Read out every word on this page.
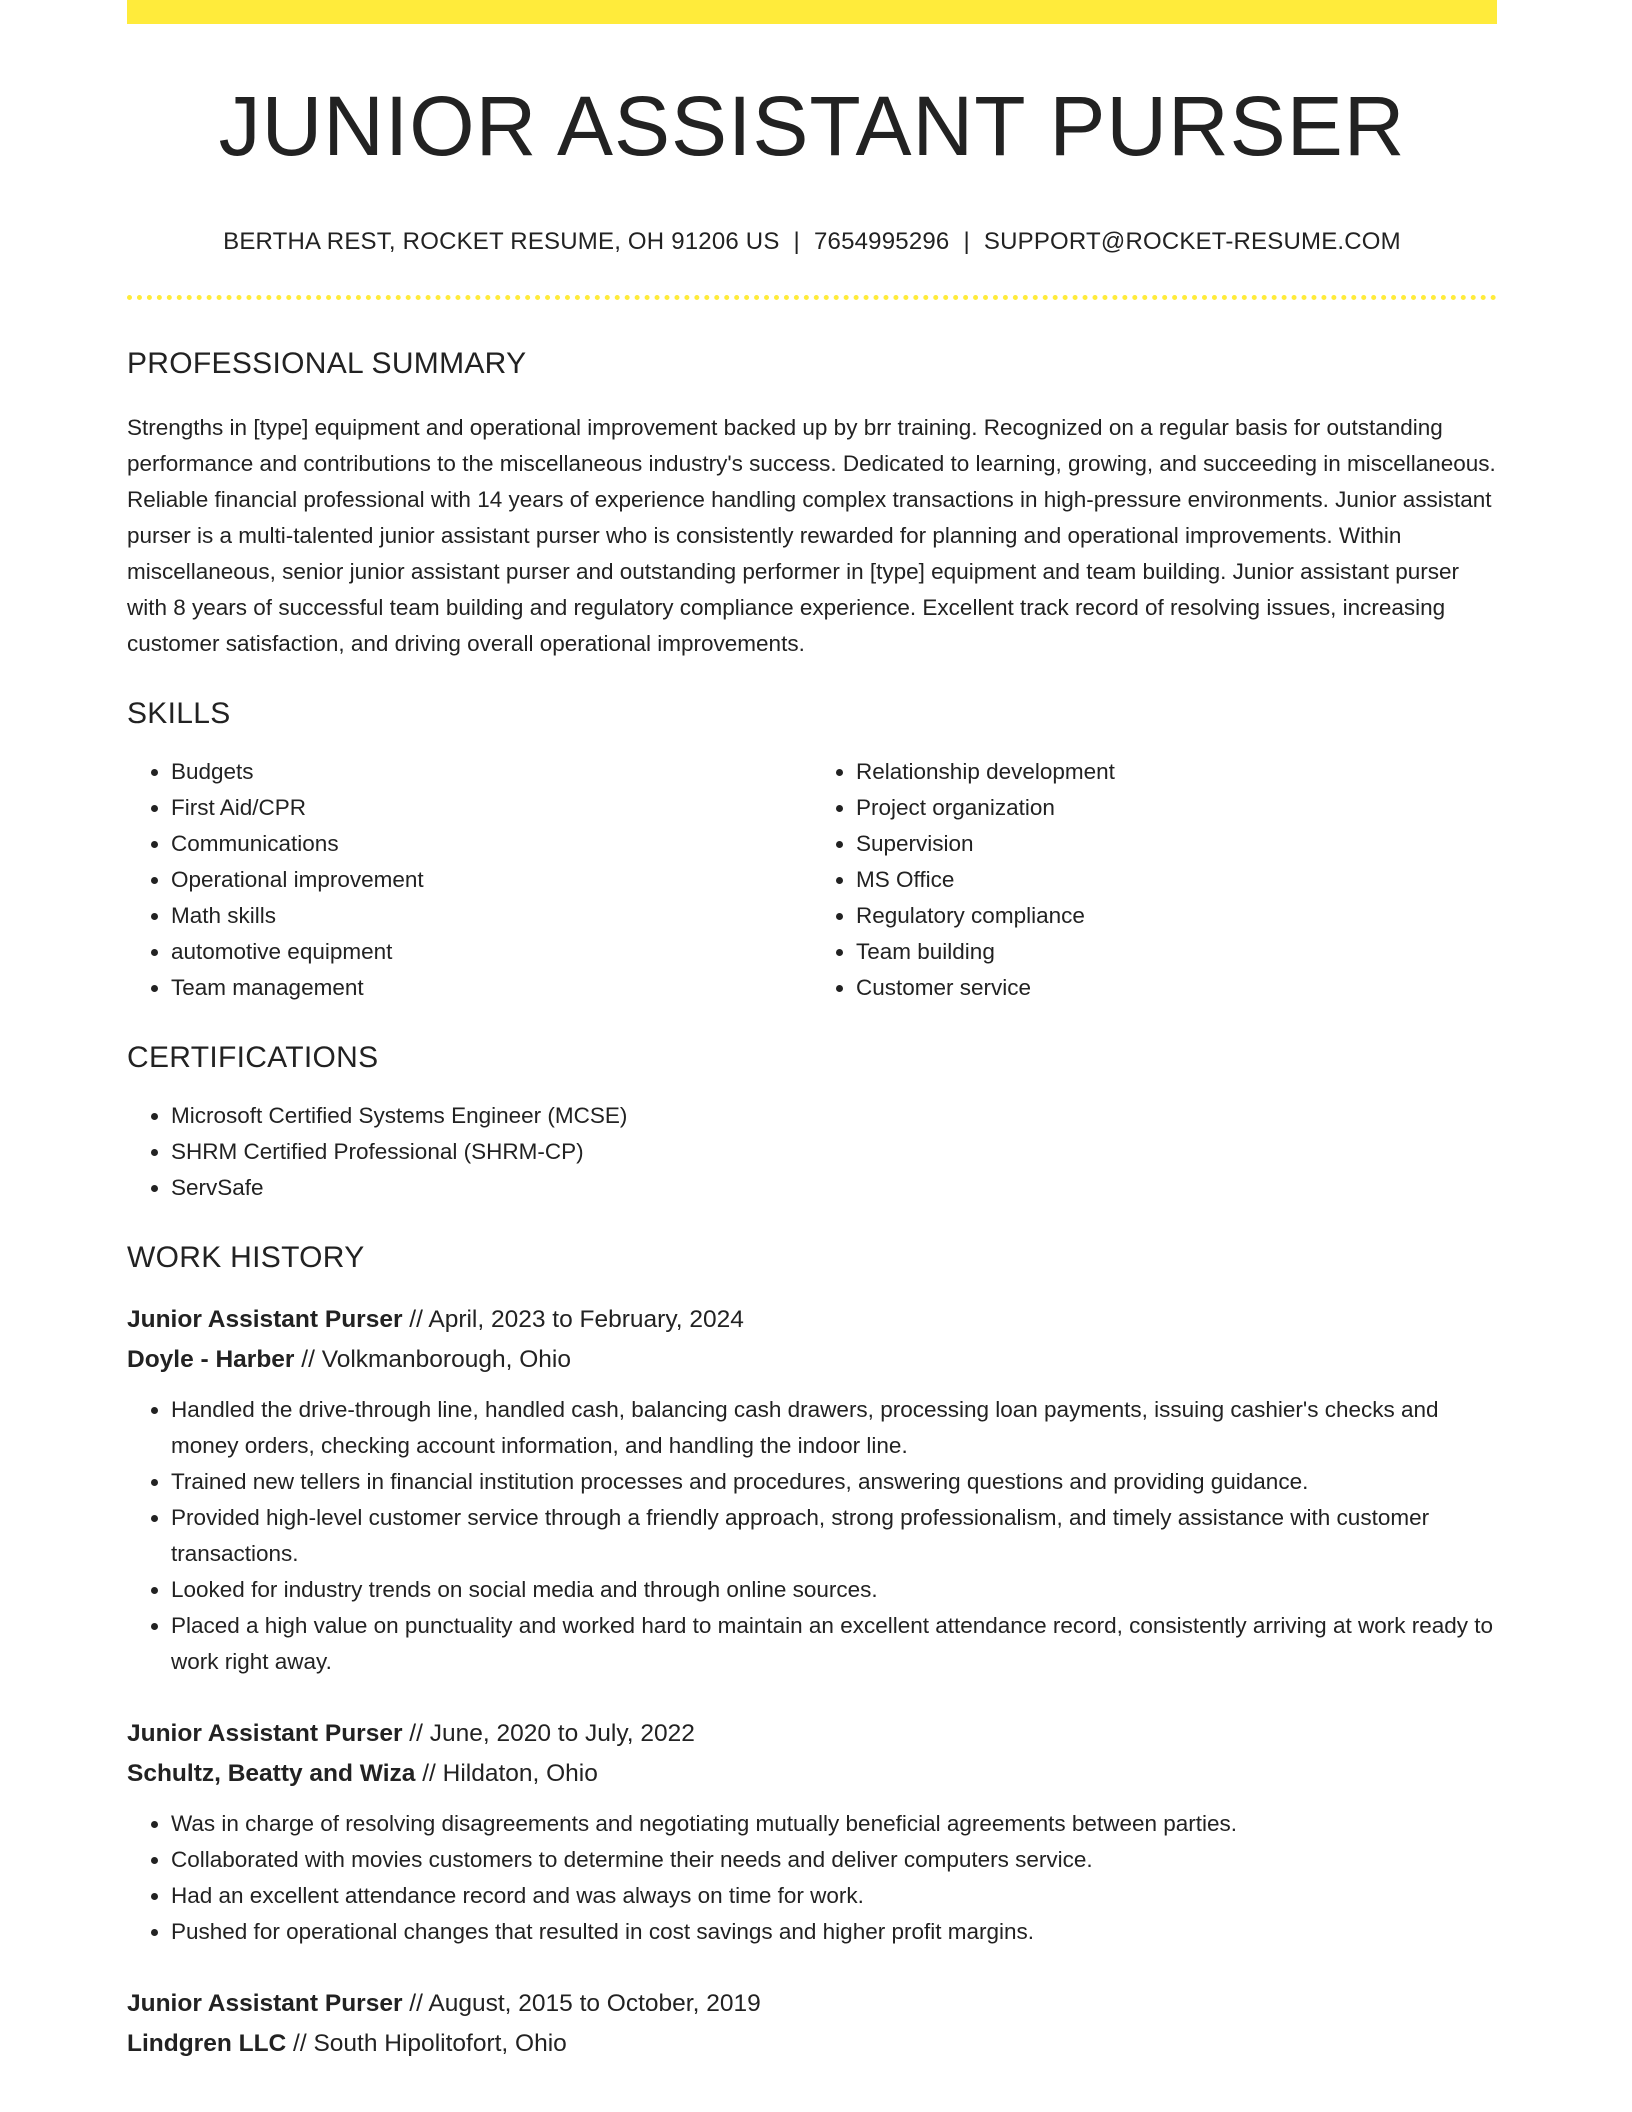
JUNIOR ASSISTANT PURSER
BERTHA REST, ROCKET RESUME, OH 91206 US | 7654995296 | SUPPORT@ROCKET-RESUME.COM
PROFESSIONAL SUMMARY

Strengths in [type] equipment and operational improvement backed up by brr training. Recognized on a regular basis for outstanding performance and contributions to the miscellaneous industry's success. Dedicated to learning, growing, and succeeding in miscellaneous. Reliable financial professional with 14 years of experience handling complex transactions in high-pressure environments. Junior assistant purser is a multi-talented junior assistant purser who is consistently rewarded for planning and operational improvements. Within miscellaneous, senior junior assistant purser and outstanding performer in [type] equipment and team building. Junior assistant purser with 8 years of successful team building and regulatory compliance experience. Excellent track record of resolving issues, increasing customer satisfaction, and driving overall operational improvements.

SKILLS
• Budgets
• First Aid/CPR
• Communications
• Operational improvement
• Math skills
• automotive equipment
• Team management
• Relationship development
• Project organization
• Supervision
• MS Office
• Regulatory compliance
• Team building
• Customer service
CERTIFICATIONS
• Microsoft Certified Systems Engineer (MCSE)
• SHRM Certified Professional (SHRM-CP)
• ServSafe
WORK HISTORY
Junior Assistant Purser // April, 2023 to February, 2024
Doyle - Harber // Volkmanborough, Ohio
• Handled the drive-through line, handled cash, balancing cash drawers, processing loan payments, issuing cashier's checks and money orders, checking account information, and handling the indoor line.
• Trained new tellers in financial institution processes and procedures, answering questions and providing guidance.
• Provided high-level customer service through a friendly approach, strong professionalism, and timely assistance with customer transactions.
• Looked for industry trends on social media and through online sources.
• Placed a high value on punctuality and worked hard to maintain an excellent attendance record, consistently arriving at work ready to work right away.
Junior Assistant Purser // June, 2020 to July, 2022
Schultz, Beatty and Wiza // Hildaton, Ohio
• Was in charge of resolving disagreements and negotiating mutually beneficial agreements between parties.
• Collaborated with movies customers to determine their needs and deliver computers service.
• Had an excellent attendance record and was always on time for work.
• Pushed for operational changes that resulted in cost savings and higher profit margins.
Junior Assistant Purser // August, 2015 to October, 2019
Lindgren LLC // South Hipolitofort, Ohio
